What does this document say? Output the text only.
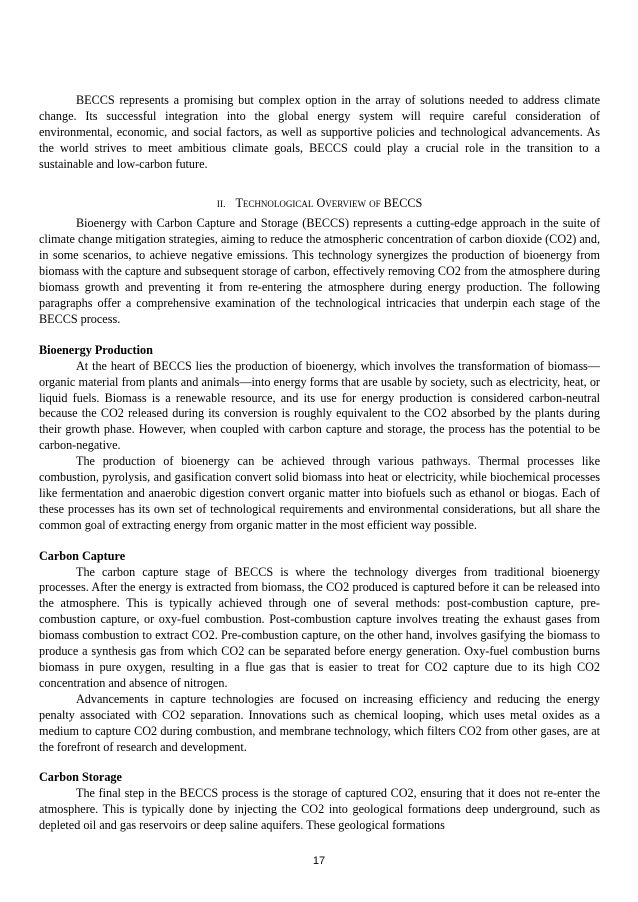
BECCS represents a promising but complex option in the array of solutions needed to address climate change. Its successful integration into the global energy system will require careful consideration of environmental, economic, and social factors, as well as supportive policies and technological advancements. As the world strives to meet ambitious climate goals, BECCS could play a crucial role in the transition to a sustainable and low-carbon future.

II. Technological Overview of BECCS

Bioenergy with Carbon Capture and Storage (BECCS) represents a cutting-edge approach in the suite of climate change mitigation strategies, aiming to reduce the atmospheric concentration of carbon dioxide (CO2) and, in some scenarios, to achieve negative emissions. This technology synergizes the production of bioenergy from biomass with the capture and subsequent storage of carbon, effectively removing CO2 from the atmosphere during biomass growth and preventing it from re-entering the atmosphere during energy production. The following paragraphs offer a comprehensive examination of the technological intricacies that underpin each stage of the BECCS process.

Bioenergy Production

At the heart of BECCS lies the production of bioenergy, which involves the transformation of biomass—organic material from plants and animals—into energy forms that are usable by society, such as electricity, heat, or liquid fuels. Biomass is a renewable resource, and its use for energy production is considered carbon-neutral because the CO2 released during its conversion is roughly equivalent to the CO2 absorbed by the plants during their growth phase. However, when coupled with carbon capture and storage, the process has the potential to be carbon-negative.

The production of bioenergy can be achieved through various pathways. Thermal processes like combustion, pyrolysis, and gasification convert solid biomass into heat or electricity, while biochemical processes like fermentation and anaerobic digestion convert organic matter into biofuels such as ethanol or biogas. Each of these processes has its own set of technological requirements and environmental considerations, but all share the common goal of extracting energy from organic matter in the most efficient way possible.

Carbon Capture

The carbon capture stage of BECCS is where the technology diverges from traditional bioenergy processes. After the energy is extracted from biomass, the CO2 produced is captured before it can be released into the atmosphere. This is typically achieved through one of several methods: post-combustion capture, pre-combustion capture, or oxy-fuel combustion. Post-combustion capture involves treating the exhaust gases from biomass combustion to extract CO2. Pre-combustion capture, on the other hand, involves gasifying the biomass to produce a synthesis gas from which CO2 can be separated before energy generation. Oxy-fuel combustion burns biomass in pure oxygen, resulting in a flue gas that is easier to treat for CO2 capture due to its high CO2 concentration and absence of nitrogen.

Advancements in capture technologies are focused on increasing efficiency and reducing the energy penalty associated with CO2 separation. Innovations such as chemical looping, which uses metal oxides as a medium to capture CO2 during combustion, and membrane technology, which filters CO2 from other gases, are at the forefront of research and development.

Carbon Storage

The final step in the BECCS process is the storage of captured CO2, ensuring that it does not re-enter the atmosphere. This is typically done by injecting the CO2 into geological formations deep underground, such as depleted oil and gas reservoirs or deep saline aquifers. These geological formations

17
